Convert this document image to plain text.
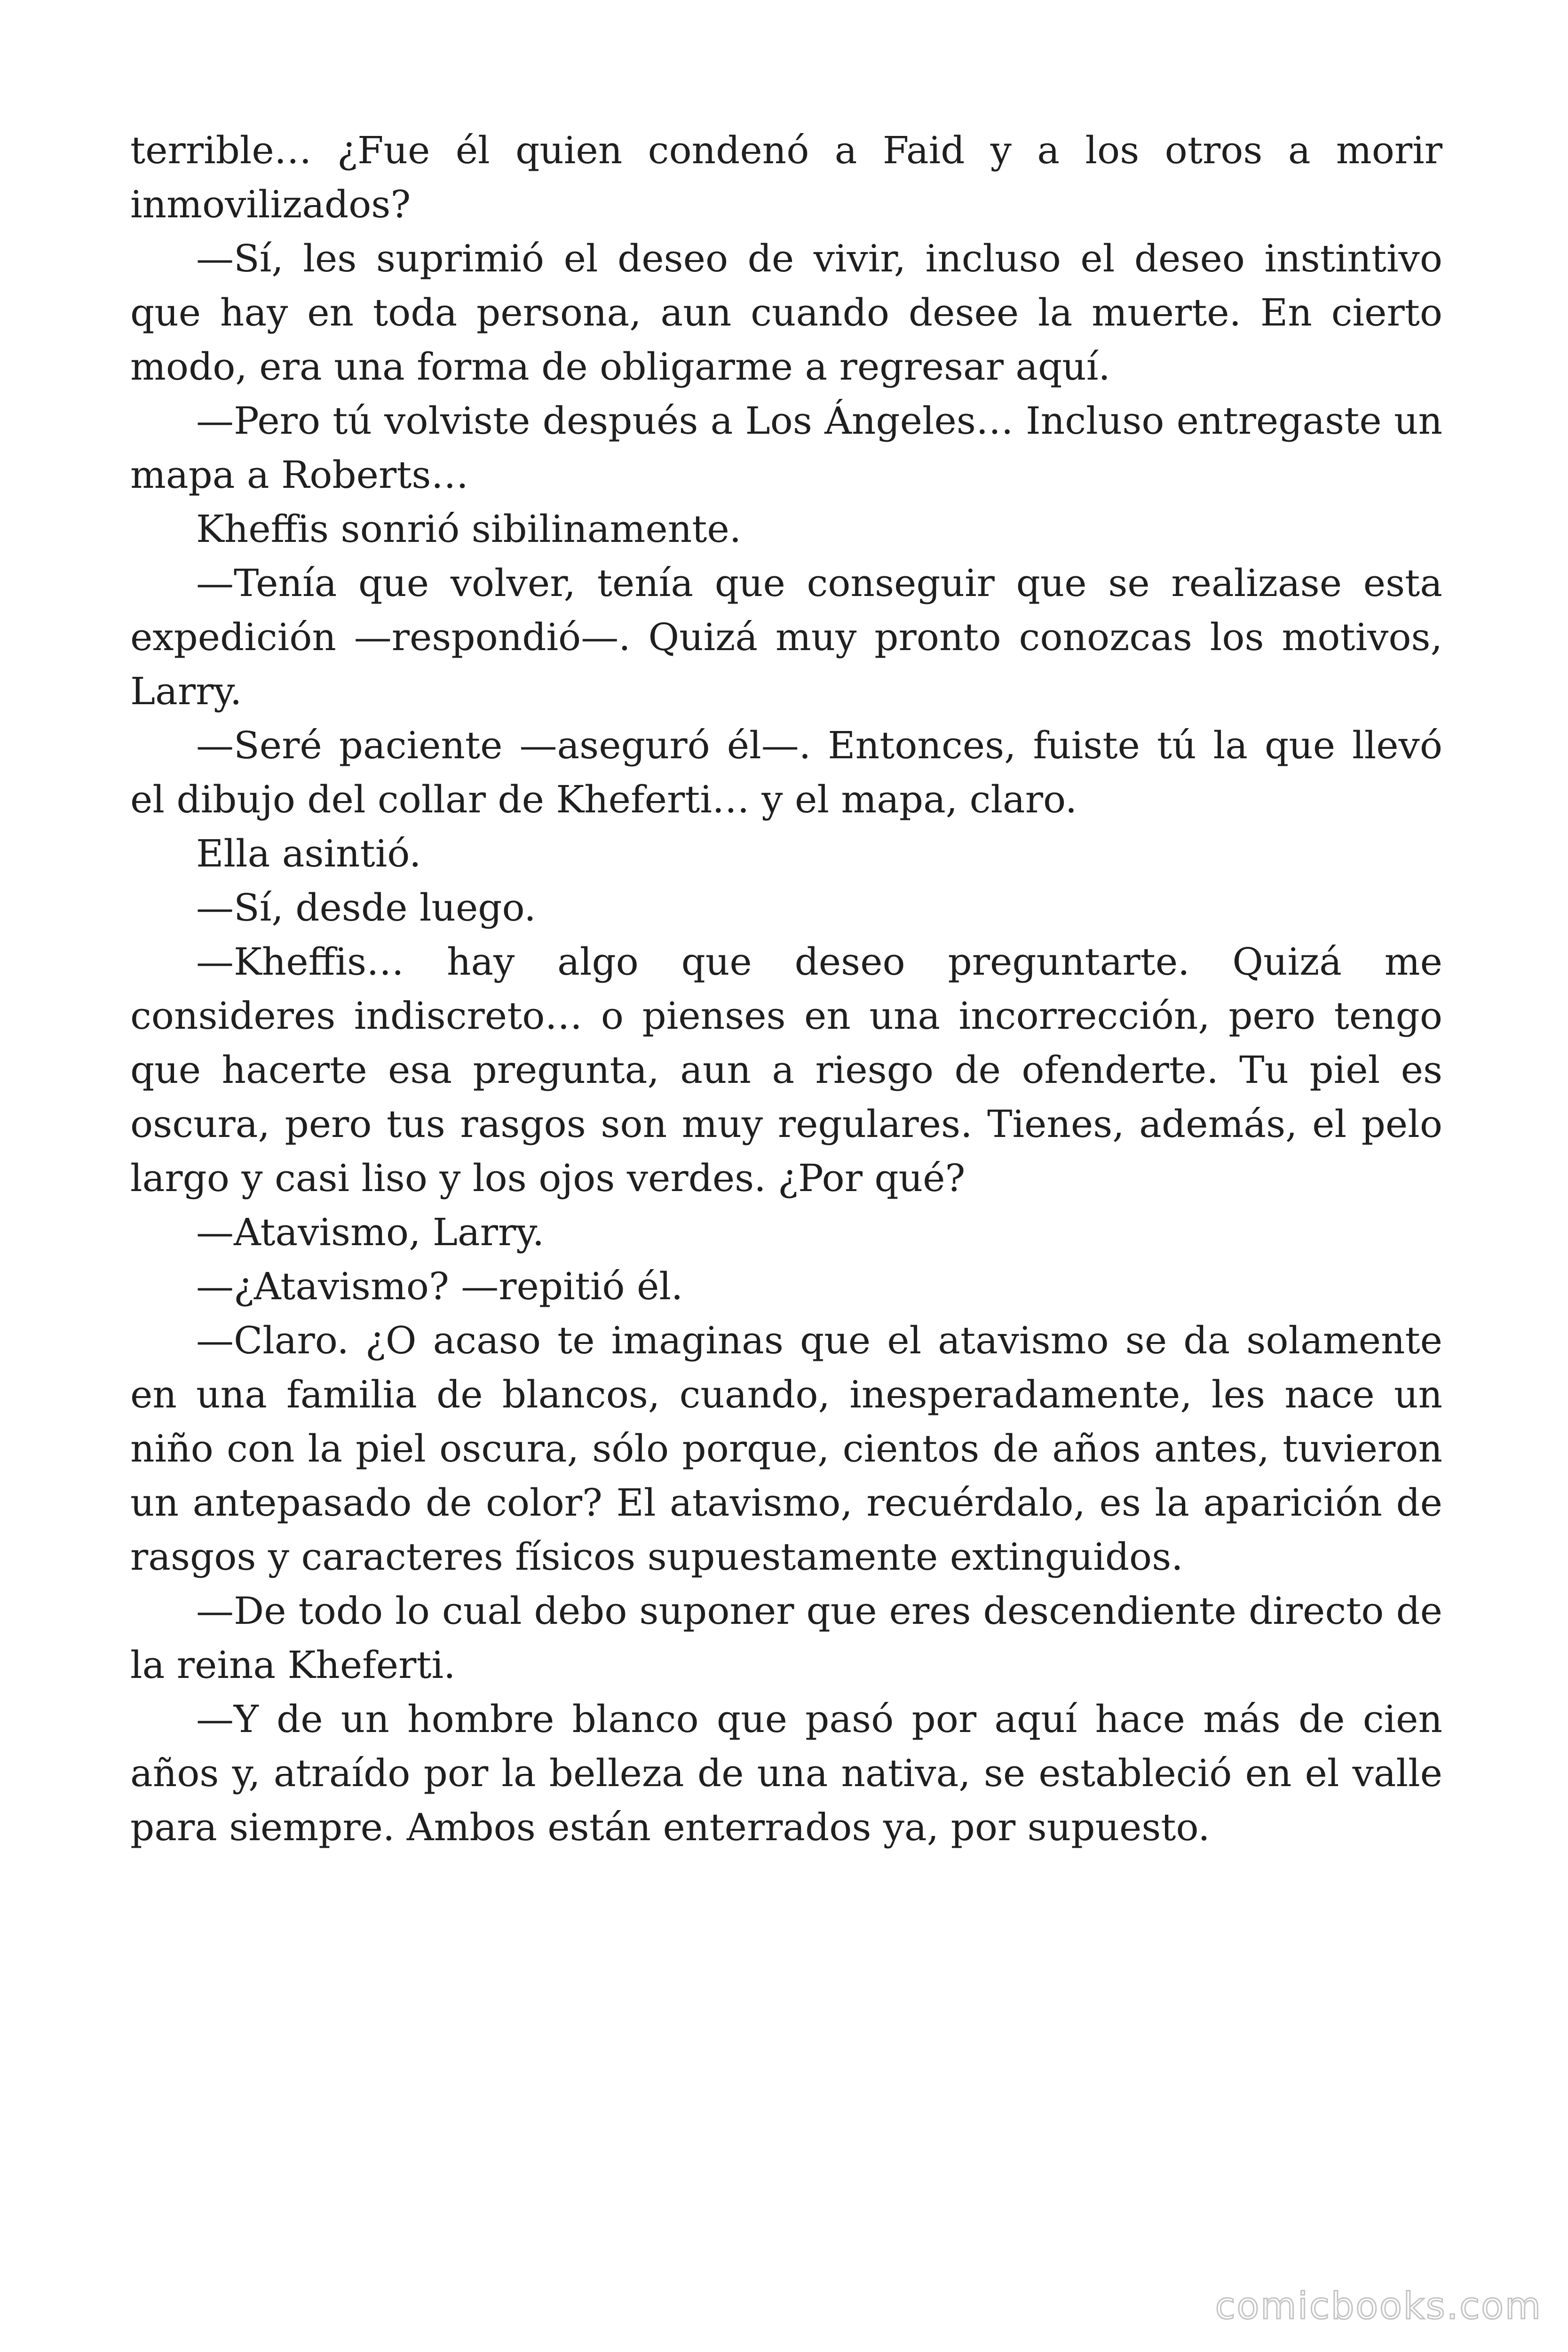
terrible… ¿Fue él quien condenó a Faid y a los otros a morir inmovilizados?

—Sí, les suprimió el deseo de vivir, incluso el deseo instintivo que hay en toda persona, aun cuando desee la muerte. En cierto modo, era una forma de obligarme a regresar aquí.

—Pero tú volviste después a Los Ángeles… Incluso entregaste un mapa a Roberts…

Kheffis sonrió sibilinamente.

—Tenía que volver, tenía que conseguir que se realizase esta expedición —respondió—. Quizá muy pronto conozcas los motivos, Larry.

—Seré paciente —aseguró él—. Entonces, fuiste tú la que llevó el dibujo del collar de Kheferti… y el mapa, claro.

Ella asintió.

—Sí, desde luego.

—Kheffis… hay algo que deseo preguntarte. Quizá me consideres indiscreto… o pienses en una incorrección, pero tengo que hacerte esa pregunta, aun a riesgo de ofenderte. Tu piel es oscura, pero tus rasgos son muy regulares. Tienes, además, el pelo largo y casi liso y los ojos verdes. ¿Por qué?

—Atavismo, Larry.

—¿Atavismo? —repitió él.

—Claro. ¿O acaso te imaginas que el atavismo se da solamente en una familia de blancos, cuando, inesperadamente, les nace un niño con la piel oscura, sólo porque, cientos de años antes, tuvieron un antepasado de color? El atavismo, recuérdalo, es la aparición de rasgos y caracteres físicos supuestamente extinguidos.

—De todo lo cual debo suponer que eres descendiente directo de la reina Kheferti.

—Y de un hombre blanco que pasó por aquí hace más de cien años y, atraído por la belleza de una nativa, se estableció en el valle para siempre. Ambos están enterrados ya, por supuesto.

comicbooks.com
